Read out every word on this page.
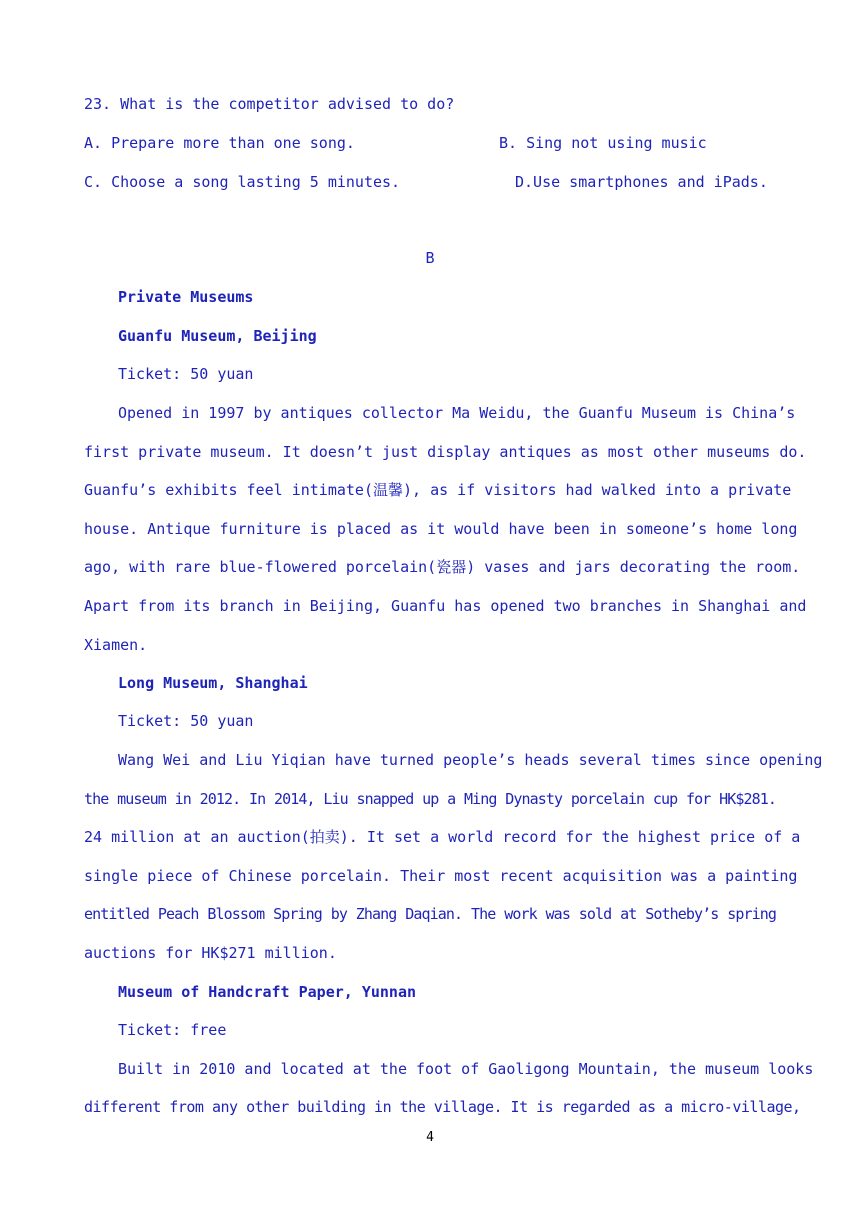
23. What is the competitor advised to do?
A. Prepare more than one song.	B. Sing not using music
C. Choose a song lasting 5 minutes.	D.Use smartphones and iPads.
B
Private Museums
Guanfu Museum, Beijing
Ticket: 50 yuan
Opened in 1997 by antiques collector Ma Weidu, the Guanfu Museum is China’s
first private museum. It doesn’t just display antiques as most other museums do.
Guanfu’s exhibits feel intimate(温馨), as if visitors had walked into a private
house. Antique furniture is placed as it would have been in someone’s home long
ago, with rare blue-flowered porcelain(瓷器) vases and jars decorating the room.
Apart from its branch in Beijing, Guanfu has opened two branches in Shanghai and
Xiamen.
Long Museum, Shanghai
Ticket: 50 yuan
Wang Wei and Liu Yiqian have turned people’s heads several times since opening
the museum in 2012. In 2014, Liu snapped up a Ming Dynasty porcelain cup for HK$281.
24 million at an auction(拍卖). It set a world record for the highest price of a
single piece of Chinese porcelain. Their most recent acquisition was a painting
entitled Peach Blossom Spring by Zhang Daqian. The work was sold at Sotheby’s spring
auctions for HK$271 million.
Museum of Handcraft Paper, Yunnan
Ticket: free
Built in 2010 and located at the foot of Gaoligong Mountain, the museum looks
different from any other building in the village. It is regarded as a micro-village,
4
